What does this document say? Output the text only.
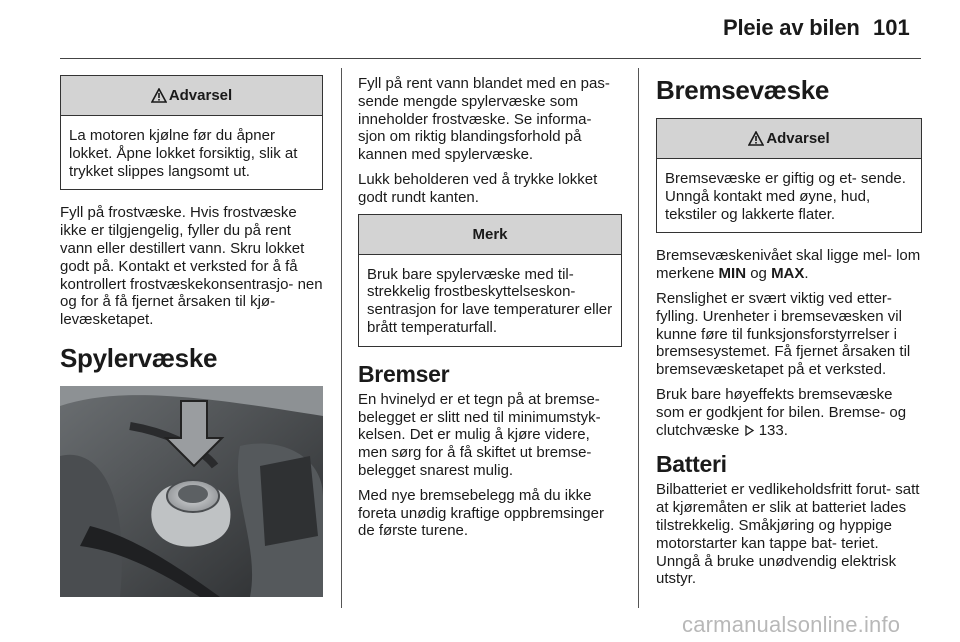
Pleie av bilen 101
Advarsel
La motoren kjølne før du åpner lokket. Åpne lokket forsiktig, slik at trykket slippes langsomt ut.

Fyll på frostvæske. Hvis frostvæske ikke er tilgjengelig, fyller du på rent vann eller destillert vann. Skru lokket godt på. Kontakt et verksted for å få kontrollert frostvæskekonsentrasjo- nen og for å få fjernet årsaken til kjø- levæsketapet.

Spylervæske

Fyll på rent vann blandet med en pas- sende mengde spylervæske som inneholder frostvæske. Se informa- sjon om riktig blandingsforhold på kannen med spylervæske.

Lukk beholderen ved å trykke lokket godt rundt kanten.

Merk
Bruk bare spylervæske med til- strekkelig frostbeskyttelseskon- sentrasjon for lave temperaturer eller brått temperaturfall.
Bremser

En hvinelyd er et tegn på at bremse- belegget er slitt ned til minimumstyk- kelsen. Det er mulig å kjøre videre, men sørg for å få skiftet ut bremse- belegget snarest mulig.

Med nye bremsebelegg må du ikke foreta unødig kraftige oppbremsinger de første turene.

Bremsevæske
Advarsel
Bremsevæske er giftig og et- sende. Unngå kontakt med øyne, hud, tekstiler og lakkerte flater.

Bremsevæskenivået skal ligge mel- lom merkene MIN og MAX.

Renslighet er svært viktig ved etter- fylling. Urenheter i bremsevæsken vil kunne føre til funksjonsforstyrrelser i bremsesystemet. Få fjernet årsaken til bremsevæsketapet på et verksted.

Bruk bare høyeffekts bremsevæske som er godkjent for bilen. Bremse- og clutchvæske  133.

Batteri

Bilbatteriet er vedlikeholdsfritt forut- satt at kjøremåten er slik at batteriet lades tilstrekkelig. Småkjøring og hyppige motorstarter kan tappe bat- teriet. Unngå å bruke unødvendig elektrisk utstyr.

carmanualsonline.info
